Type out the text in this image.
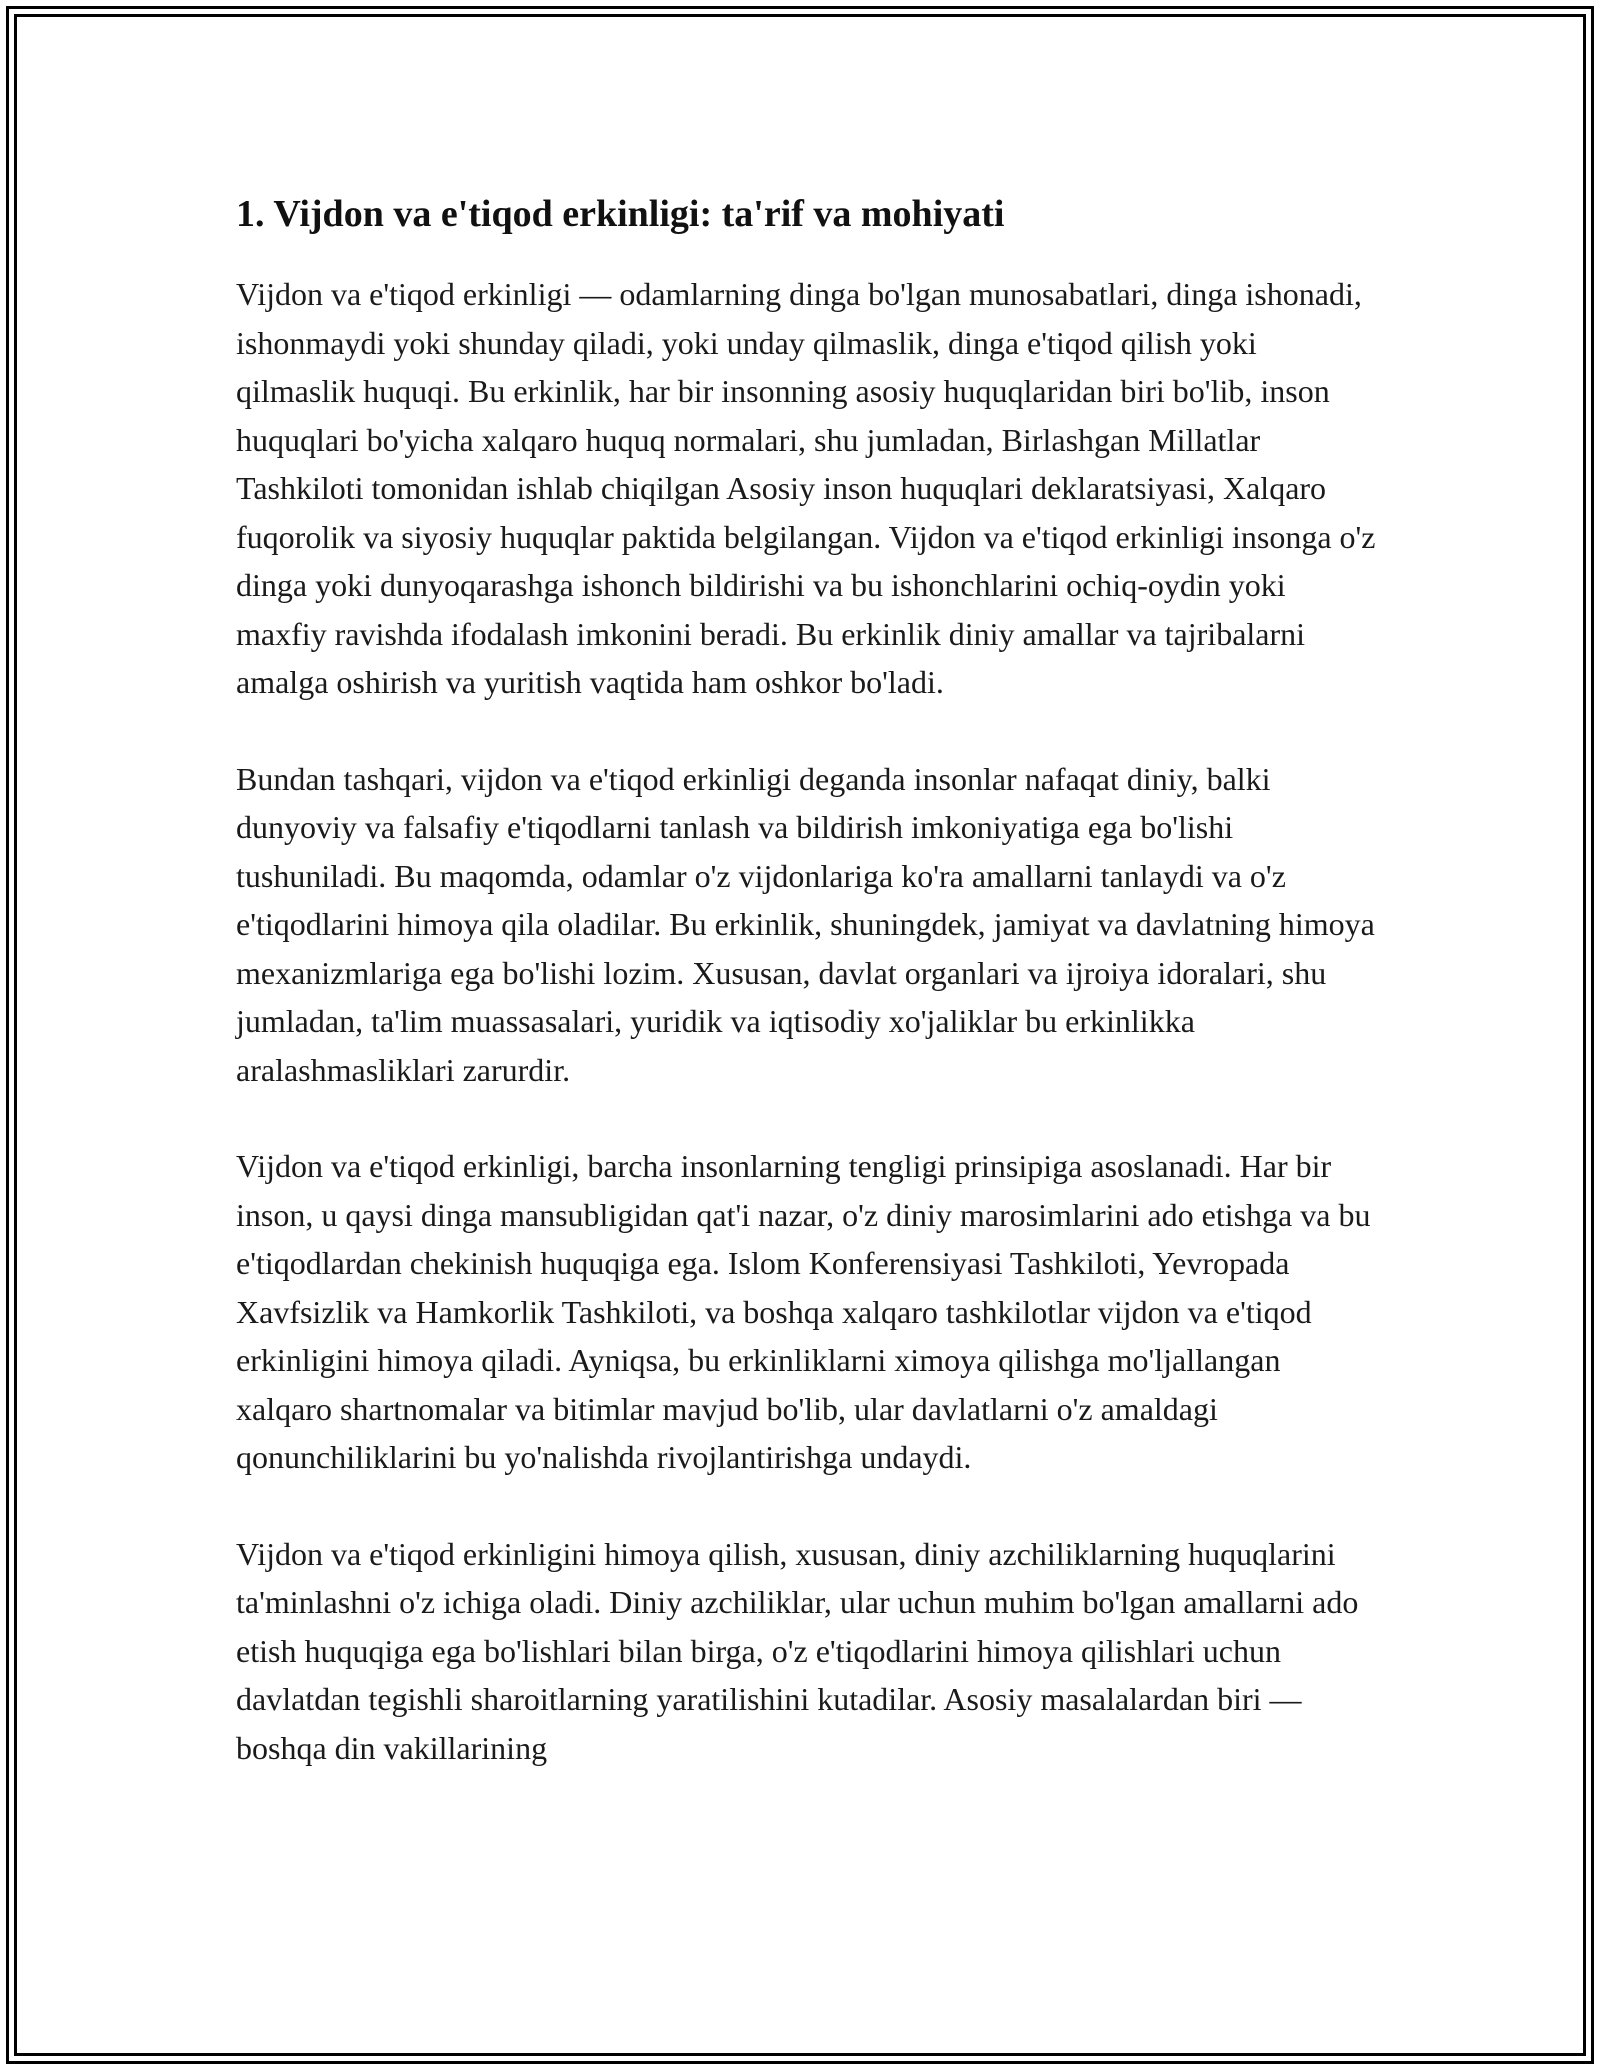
1. Vijdon va e'tiqod erkinligi: ta'rif va mohiyati

Vijdon va e'tiqod erkinligi — odamlarning dinga bo'lgan munosabatlari, dinga ishonadi, ishonmaydi yoki shunday qiladi, yoki unday qilmaslik, dinga e'tiqod qilish yoki qilmaslik huquqi. Bu erkinlik, har bir insonning asosiy huquqlaridan biri bo'lib, inson huquqlari bo'yicha xalqaro huquq normalari, shu jumladan, Birlashgan Millatlar Tashkiloti tomonidan ishlab chiqilgan Asosiy inson huquqlari deklaratsiyasi, Xalqaro fuqorolik va siyosiy huquqlar paktida belgilangan. Vijdon va e'tiqod erkinligi insonga o'z dinga yoki dunyoqarashga ishonch bildirishi va bu ishonchlarini ochiq-oydin yoki maxfiy ravishda ifodalash imkonini beradi. Bu erkinlik diniy amallar va tajribalarni amalga oshirish va yuritish vaqtida ham oshkor bo'ladi.

Bundan tashqari, vijdon va e'tiqod erkinligi deganda insonlar nafaqat diniy, balki dunyoviy va falsafiy e'tiqodlarni tanlash va bildirish imkoniyatiga ega bo'lishi tushuniladi. Bu maqomda, odamlar o'z vijdonlariga ko'ra amallarni tanlaydi va o'z e'tiqodlarini himoya qila oladilar. Bu erkinlik, shuningdek, jamiyat va davlatning himoya mexanizmlariga ega bo'lishi lozim. Xususan, davlat organlari va ijroiya idoralari, shu jumladan, ta'lim muassasalari, yuridik va iqtisodiy xo'jaliklar bu erkinlikka aralashmasliklari zarurdir.

Vijdon va e'tiqod erkinligi, barcha insonlarning tengligi prinsipiga asoslanadi. Har bir inson, u qaysi dinga mansubligidan qat'i nazar, o'z diniy marosimlarini ado etishga va bu e'tiqodlardan chekinish huquqiga ega. Islom Konferensiyasi Tashkiloti, Yevropada Xavfsizlik va Hamkorlik Tashkiloti, va boshqa xalqaro tashkilotlar vijdon va e'tiqod erkinligini himoya qiladi. Ayniqsa, bu erkinliklarni ximoya qilishga mo'ljallangan xalqaro shartnomalar va bitimlar mavjud bo'lib, ular davlatlarni o'z amaldagi qonunchiliklarini bu yo'nalishda rivojlantirishga undaydi.

Vijdon va e'tiqod erkinligini himoya qilish, xususan, diniy azchiliklarning huquqlarini ta'minlashni o'z ichiga oladi. Diniy azchiliklar, ular uchun muhim bo'lgan amallarni ado etish huquqiga ega bo'lishlari bilan birga, o'z e'tiqodlarini himoya qilishlari uchun davlatdan tegishli sharoitlarning yaratilishini kutadilar. Asosiy masalalardan biri — boshqa din vakillarining
